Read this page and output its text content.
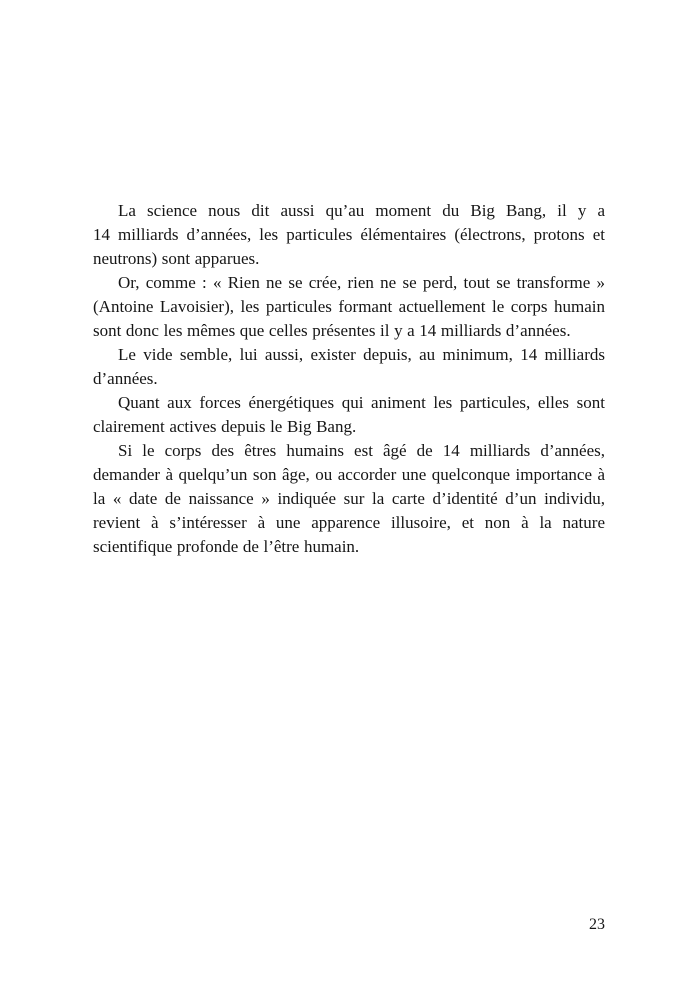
La science nous dit aussi qu’au moment du Big Bang, il y a 14 milliards d’années, les particules élémentaires (électrons, protons et neutrons) sont apparues.

Or, comme : « Rien ne se crée, rien ne se perd, tout se transforme » (Antoine Lavoisier), les particules formant actuellement le corps humain sont donc les mêmes que celles présentes il y a 14 milliards d’années.

Le vide semble, lui aussi, exister depuis, au minimum, 14 milliards d’années.

Quant aux forces énergétiques qui animent les particules, elles sont clairement actives depuis le Big Bang.

Si le corps des êtres humains est âgé de 14 milliards d’années, demander à quelqu’un son âge, ou accorder une quelconque importance à la « date de naissance » indiquée sur la carte d’identité d’un individu, revient à s’intéresser à une apparence illusoire, et non à la nature scientifique profonde de l’être humain.

23
